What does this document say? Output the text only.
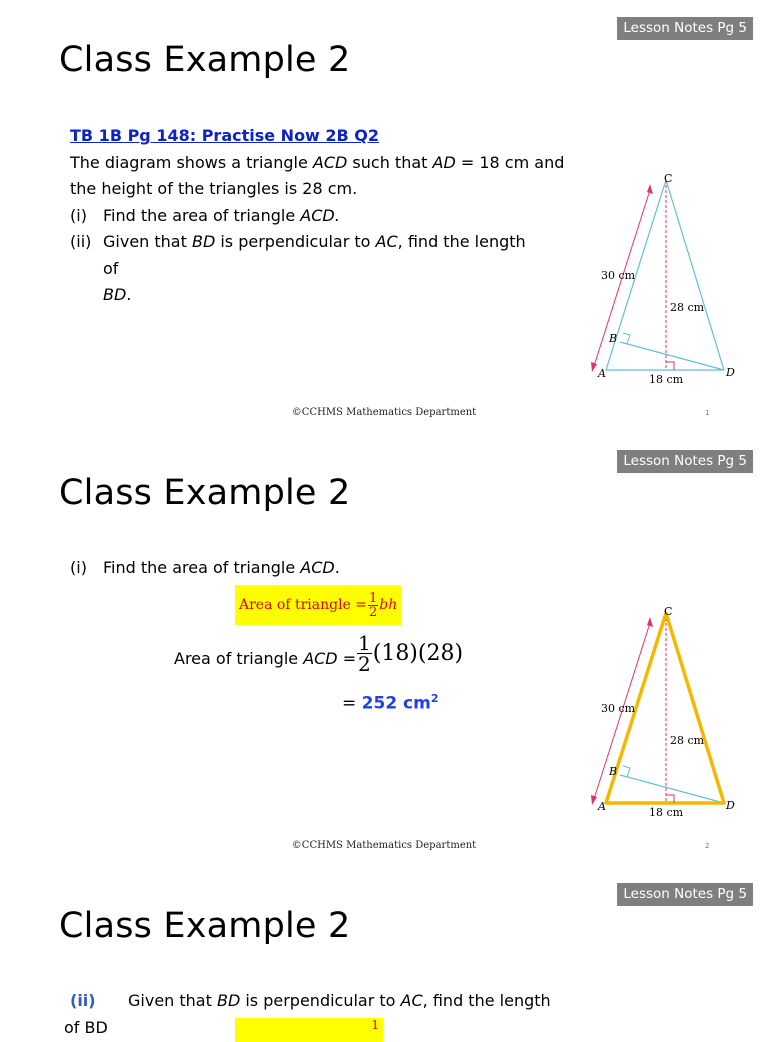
Lesson Notes Pg 5
Class Example 2
TB 1B Pg 148: Practise Now 2B Q2
The diagram shows a triangle ACD such that AD = 18 cm and
the height of the triangles is 28 cm.
(i)	Find the area of triangle ACD.
(ii) Given that BD is perpendicular to AC, find the length of
BD.
C
B
A	D
30 cm
28 cm
18 cm
©CCHMS Mathematics Department	1
Lesson Notes Pg 5
Class Example 2
(i)	Find the area of triangle ACD.
Area of triangle = $\frac{1}{2}$ bh
Area of triangle ACD = $\frac{1}{2} (18)(28)$
= 252 $cm^2$
C
B
A	D
30 cm
28 cm
18 cm
©CCHMS Mathematics Department	2
Lesson Notes Pg 5
Class Example 2
(ii)	Given that BD is perpendicular to AC, find the length
of BD	1
